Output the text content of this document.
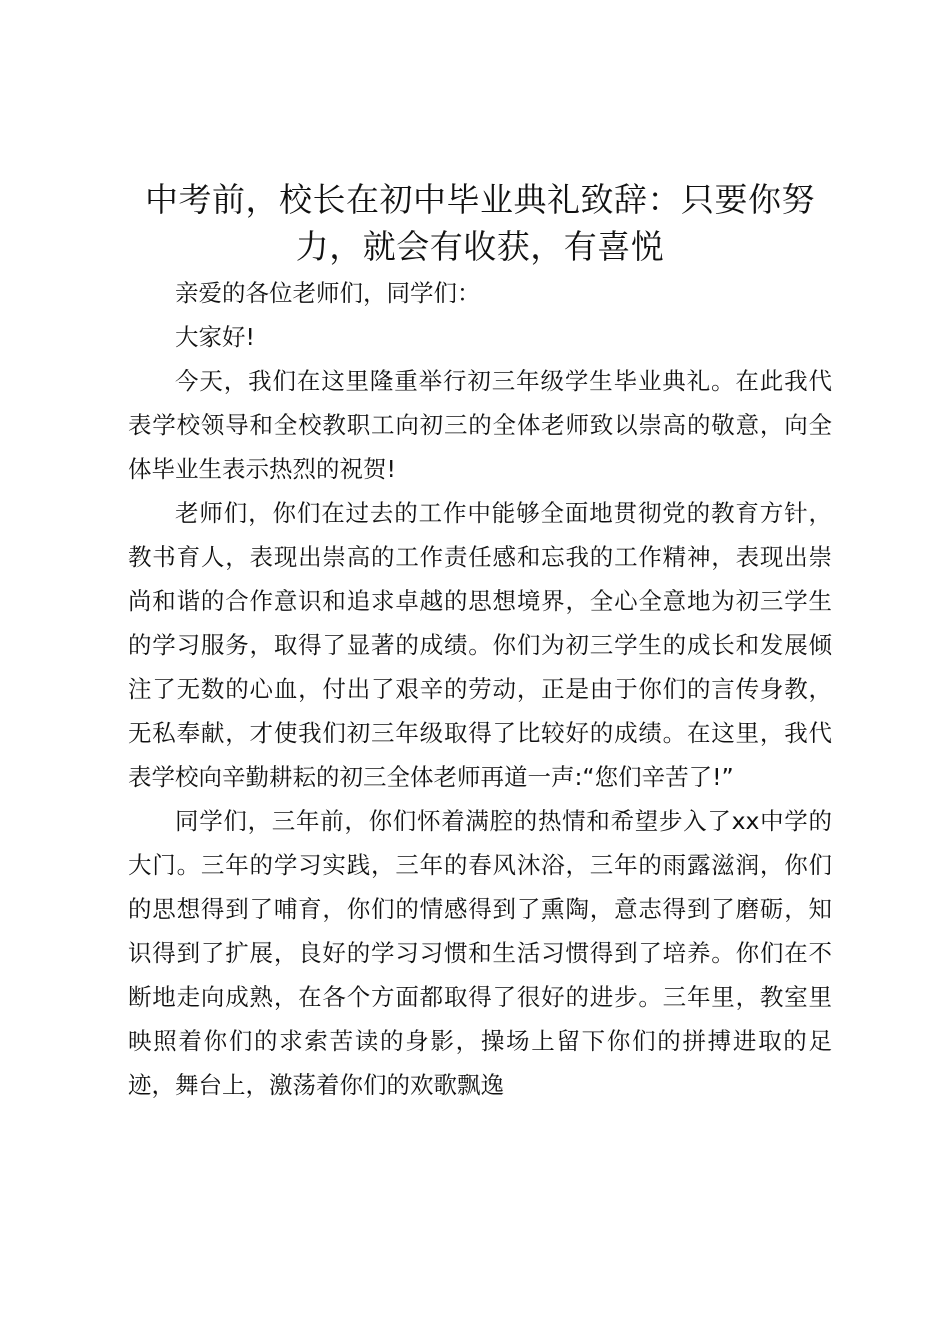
中考前，校长在初中毕业典礼致辞：只要你努力，就会有收获，有喜悦

亲爱的各位老师们，同学们：

大家好!

今天，我们在这里隆重举行初三年级学生毕业典礼。在此我代表学校领导和全校教职工向初三的全体老师致以崇高的敬意，向全体毕业生表示热烈的祝贺!

老师们，你们在过去的工作中能够全面地贯彻党的教育方针，教书育人，表现出崇高的工作责任感和忘我的工作精神，表现出崇尚和谐的合作意识和追求卓越的思想境界，全心全意地为初三学生的学习服务，取得了显著的成绩。你们为初三学生的成长和发展倾注了无数的心血，付出了艰辛的劳动，正是由于你们的言传身教，无私奉献，才使我们初三年级取得了比较好的成绩。在这里，我代表学校向辛勤耕耘的初三全体老师再道一声:“您们辛苦了!”

同学们，三年前，你们怀着满腔的热情和希望步入了xx中学的大门。三年的学习实践，三年的春风沐浴，三年的雨露滋润，你们的思想得到了哺育，你们的情感得到了熏陶，意志得到了磨砺，知识得到了扩展，良好的学习习惯和生活习惯得到了培养。你们在不断地走向成熟，在各个方面都取得了很好的进步。三年里，教室里映照着你们的求索苦读的身影，操场上留下你们的拼搏进取的足迹，舞台上，激荡着你们的欢歌飘逸
